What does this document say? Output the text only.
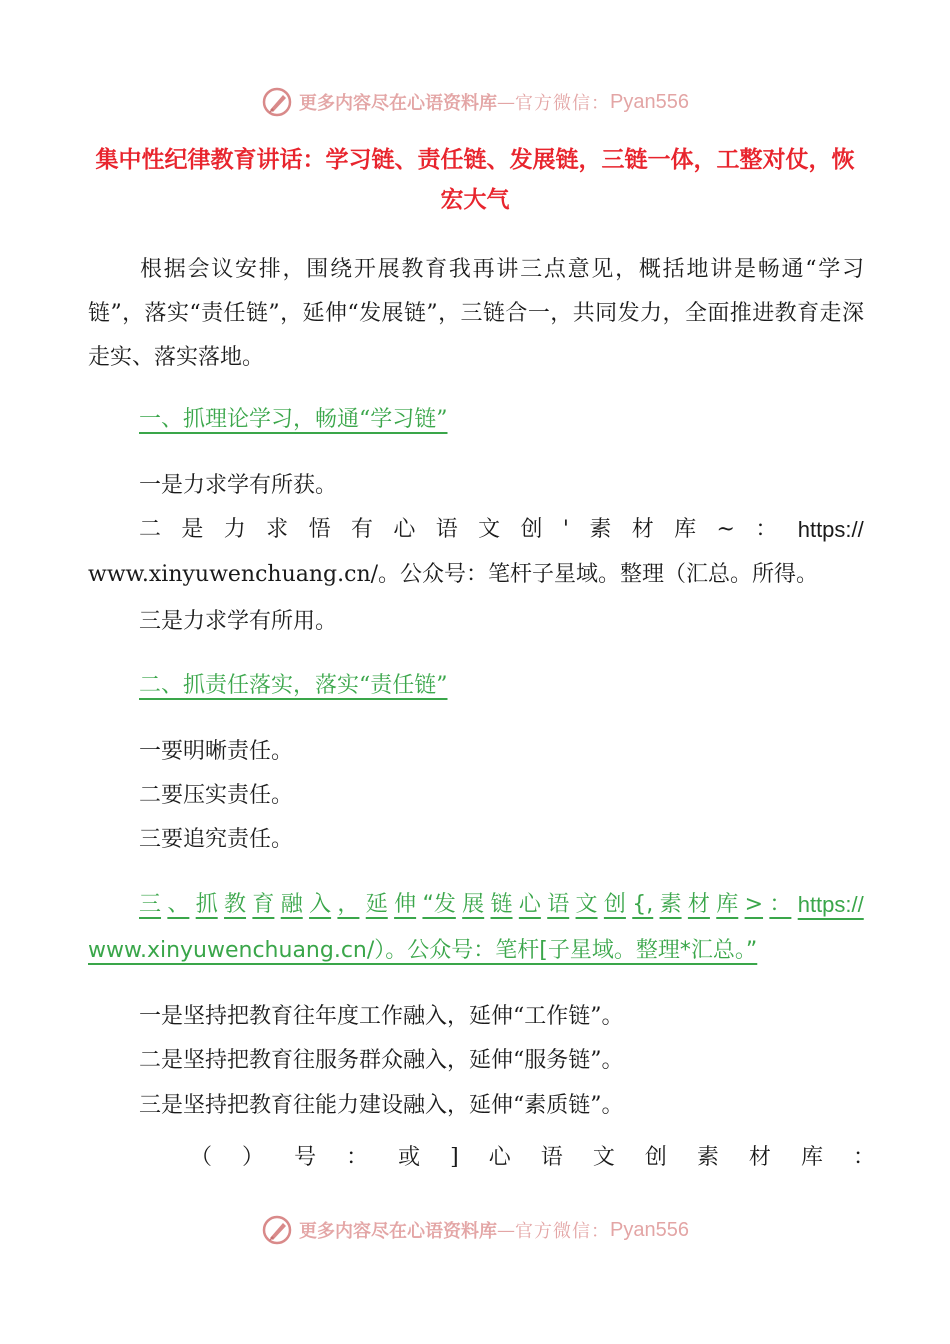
更多内容尽在心语资料库 — 官方微信： Pyan556
集中性纪律教育讲话：学习链、责任链、发展链，三链一体，工整对仗，恢宏大气
根据会议安排，围绕开展教育我再讲三点意见，概括地讲是畅通“学习链”，落实“责任链”，延伸“发展链”，三链合一，共同发力，全面推进教育走深走实、落实落地。
一、抓理论学习，畅通“学习链”
一是力求学有所获。
二 是 力 求 悟 有 心 语 文 创 ' 素 材 库 ~ ： https://
www.xinyuwenchuang.cn/。公众号：笔杆子星域。整理（汇总。所得。
三是力求学有所用。
二、抓责任落实，落实“责任链”
一要明晰责任。
二要压实责任。
三要追究责任。
三 、 抓 教 育 融 入 ， 延 伸 “发 展 链 心 语 文 创 {, 素 材 库 > ： https://
www.xinyuwenchuang.cn/）。公众号：笔杆[子星域。整理*汇总。”
一是坚持把教育往年度工作融入，延伸“工作链”。
二是坚持把教育往服务群众融入，延伸“服务链”。
三是坚持把教育往能力建设融入，延伸“素质链”。
（ ） 号 ： 或 ] 心 语 文 创 素 材 库 ：
更多内容尽在心语资料库 — 官方微信： Pyan556
